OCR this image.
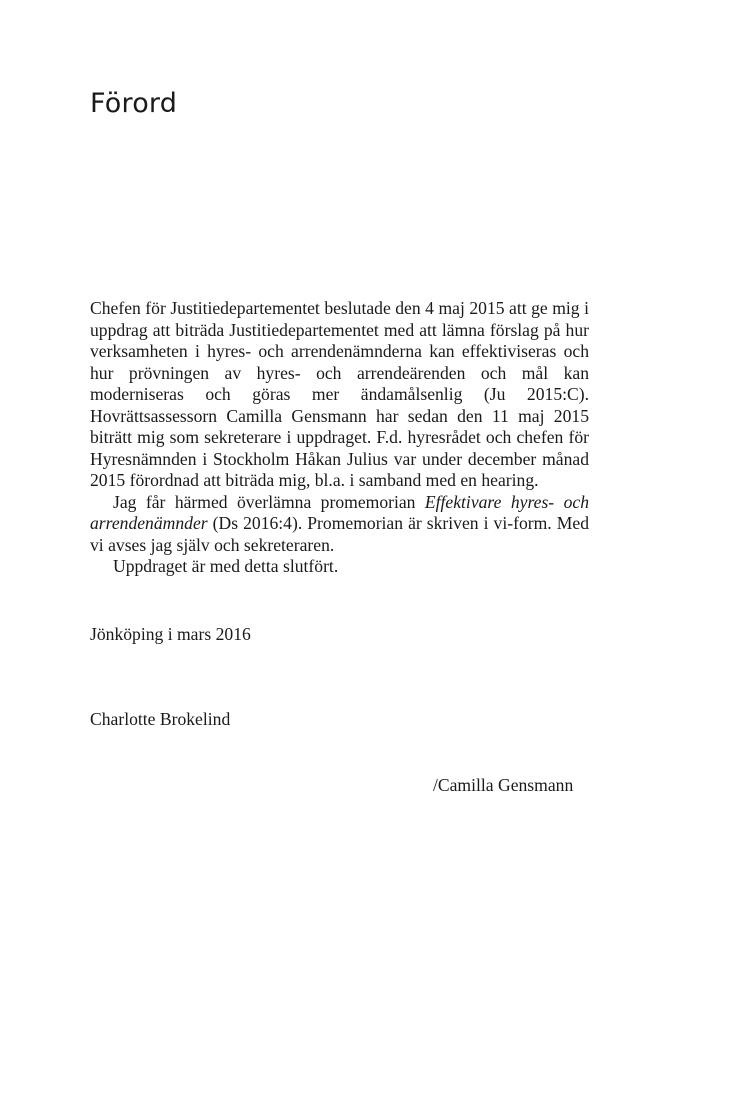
Förord

Chefen för Justitiedepartementet beslutade den 4 maj 2015 att ge mig i uppdrag att biträda Justitiedepartementet med att lämna förslag på hur verksamheten i hyres- och arrendenämnderna kan effektiviseras och hur prövningen av hyres- och arrendeärenden och mål kan moderniseras och göras mer ändamålsenlig (Ju 2015:C). Hovrättsassessorn Camilla Gensmann har sedan den 11 maj 2015 biträtt mig som sekreterare i uppdraget. F.d. hyresrådet och chefen för Hyresnämnden i Stockholm Håkan Julius var under december månad 2015 förordnad att biträda mig, bl.a. i samband med en hearing.

Jag får härmed överlämna promemorian Effektivare hyres- och arrendenämnder (Ds 2016:4). Promemorian är skriven i vi-form. Med vi avses jag själv och sekreteraren.

Uppdraget är med detta slutfört.

Jönköping i mars 2016

Charlotte Brokelind

/Camilla Gensmann
